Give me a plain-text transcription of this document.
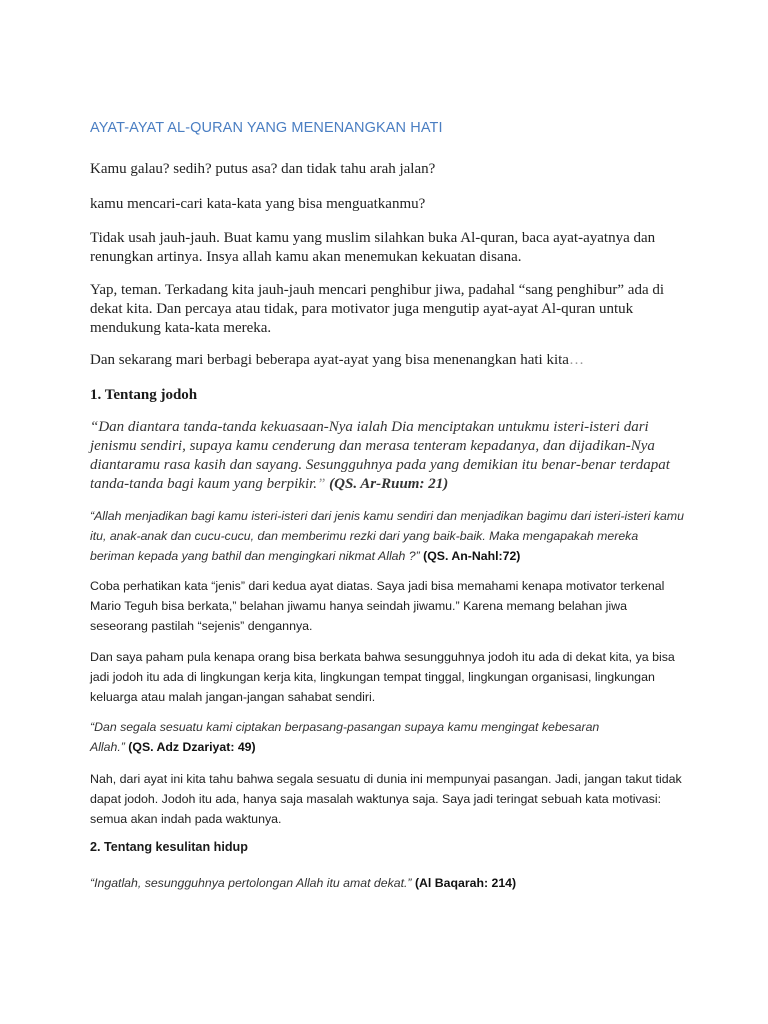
AYAT-AYAT AL-QURAN YANG MENENANGKAN HATI

Kamu galau? sedih? putus asa? dan tidak tahu arah jalan?

kamu mencari-cari kata-kata yang bisa menguatkanmu?

Tidak usah jauh-jauh. Buat kamu yang muslim silahkan buka Al-quran, baca ayat-ayatnya dan renungkan artinya. Insya allah kamu akan menemukan kekuatan disana.

Yap, teman. Terkadang kita jauh-jauh mencari penghibur jiwa, padahal “sang penghibur” ada di dekat kita. Dan percaya atau tidak, para motivator juga mengutip ayat-ayat Al-quran untuk mendukung kata-kata mereka.

Dan sekarang mari berbagi beberapa ayat-ayat yang bisa menenangkan hati kita…

1. Tentang jodoh

“Dan diantara tanda-tanda kekuasaan-Nya ialah Dia menciptakan untukmu isteri-isteri dari jenismu sendiri, supaya kamu cenderung dan merasa tenteram kepadanya, dan dijadikan-Nya diantaramu rasa kasih dan sayang. Sesungguhnya pada yang demikian itu benar-benar terdapat tanda-tanda bagi kaum yang berpikir.” (QS. Ar-Ruum: 21)

“Allah menjadikan bagi kamu isteri-isteri dari jenis kamu sendiri dan menjadikan bagimu dari isteri-isteri kamu itu, anak-anak dan cucu-cucu, dan memberimu rezki dari yang baik-baik. Maka mengapakah mereka beriman kepada yang bathil dan mengingkari nikmat Allah ?” (QS. An-Nahl:72)

Coba perhatikan kata “jenis” dari kedua ayat diatas. Saya jadi bisa memahami kenapa motivator terkenal Mario Teguh bisa berkata,” belahan jiwamu hanya seindah jiwamu.” Karena memang belahan jiwa seseorang pastilah “sejenis” dengannya.

Dan saya paham pula kenapa orang bisa berkata bahwa sesungguhnya jodoh itu ada di dekat kita, ya bisa jadi jodoh itu ada di lingkungan kerja kita, lingkungan tempat tinggal, lingkungan organisasi, lingkungan keluarga atau malah jangan-jangan sahabat sendiri.

“Dan segala sesuatu kami ciptakan berpasang-pasangan supaya kamu mengingat kebesaran Allah.” (QS. Adz Dzariyat: 49)

Nah, dari ayat ini kita tahu bahwa segala sesuatu di dunia ini mempunyai pasangan. Jadi, jangan takut tidak dapat jodoh. Jodoh itu ada, hanya saja masalah waktunya saja. Saya jadi teringat sebuah kata motivasi: semua akan indah pada waktunya.

2. Tentang kesulitan hidup

“Ingatlah, sesungguhnya pertolongan Allah itu amat dekat.” (Al Baqarah: 214)
